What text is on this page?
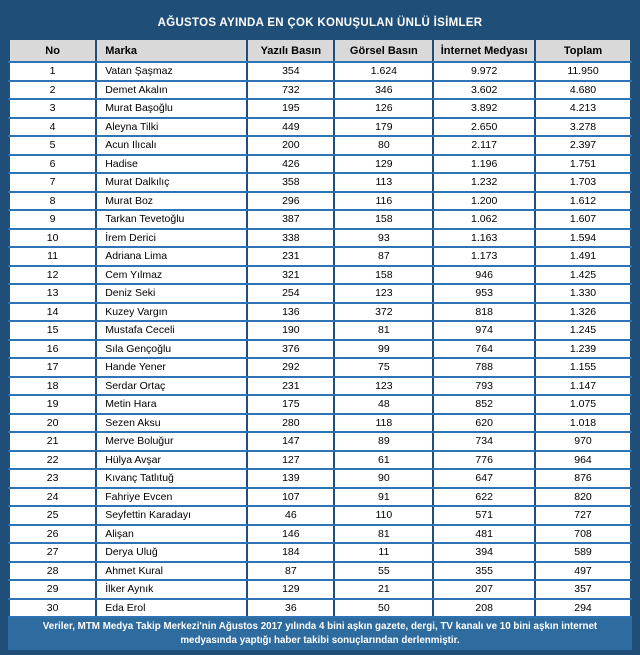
AĞUSTOS AYINDA EN ÇOK KONUŞULAN ÜNLÜ İSİMLER
No	Marka	Yazılı Basın	Görsel Basın	İnternet Medyası	Toplam
1	Vatan Şaşmaz	354	1.624	9.972	11.950
2	Demet Akalın	732	346	3.602	4.680
3	Murat Başoğlu	195	126	3.892	4.213
4	Aleyna Tilki	449	179	2.650	3.278
5	Acun Ilıcalı	200	80	2.117	2.397
6	Hadise	426	129	1.196	1.751
7	Murat Dalkılıç	358	113	1.232	1.703
8	Murat Boz	296	116	1.200	1.612
9	Tarkan Tevetoğlu	387	158	1.062	1.607
10	İrem Derici	338	93	1.163	1.594
11	Adriana Lima	231	87	1.173	1.491
12	Cem Yılmaz	321	158	946	1.425
13	Deniz Seki	254	123	953	1.330
14	Kuzey Vargın	136	372	818	1.326
15	Mustafa Ceceli	190	81	974	1.245
16	Sıla Gençoğlu	376	99	764	1.239
17	Hande Yener	292	75	788	1.155
18	Serdar Ortaç	231	123	793	1.147
19	Metin Hara	175	48	852	1.075
20	Sezen Aksu	280	118	620	1.018
21	Merve Boluğur	147	89	734	970
22	Hülya Avşar	127	61	776	964
23	Kıvanç Tatlıtuğ	139	90	647	876
24	Fahriye Evcen	107	91	622	820
25	Seyfettin Karadayı	46	110	571	727
26	Alişan	146	81	481	708
27	Derya Uluğ	184	11	394	589
28	Ahmet Kural	87	55	355	497
29	İlker Aynık	129	21	207	357
30	Eda Erol	36	50	208	294
Veriler, MTM Medya Takip Merkezi'nin Ağustos 2017 yılında 4 bini aşkın gazete, dergi, TV kanalı ve 10 bini aşkın internet medyasında yaptığı haber takibi sonuçlarından derlenmiştir.
